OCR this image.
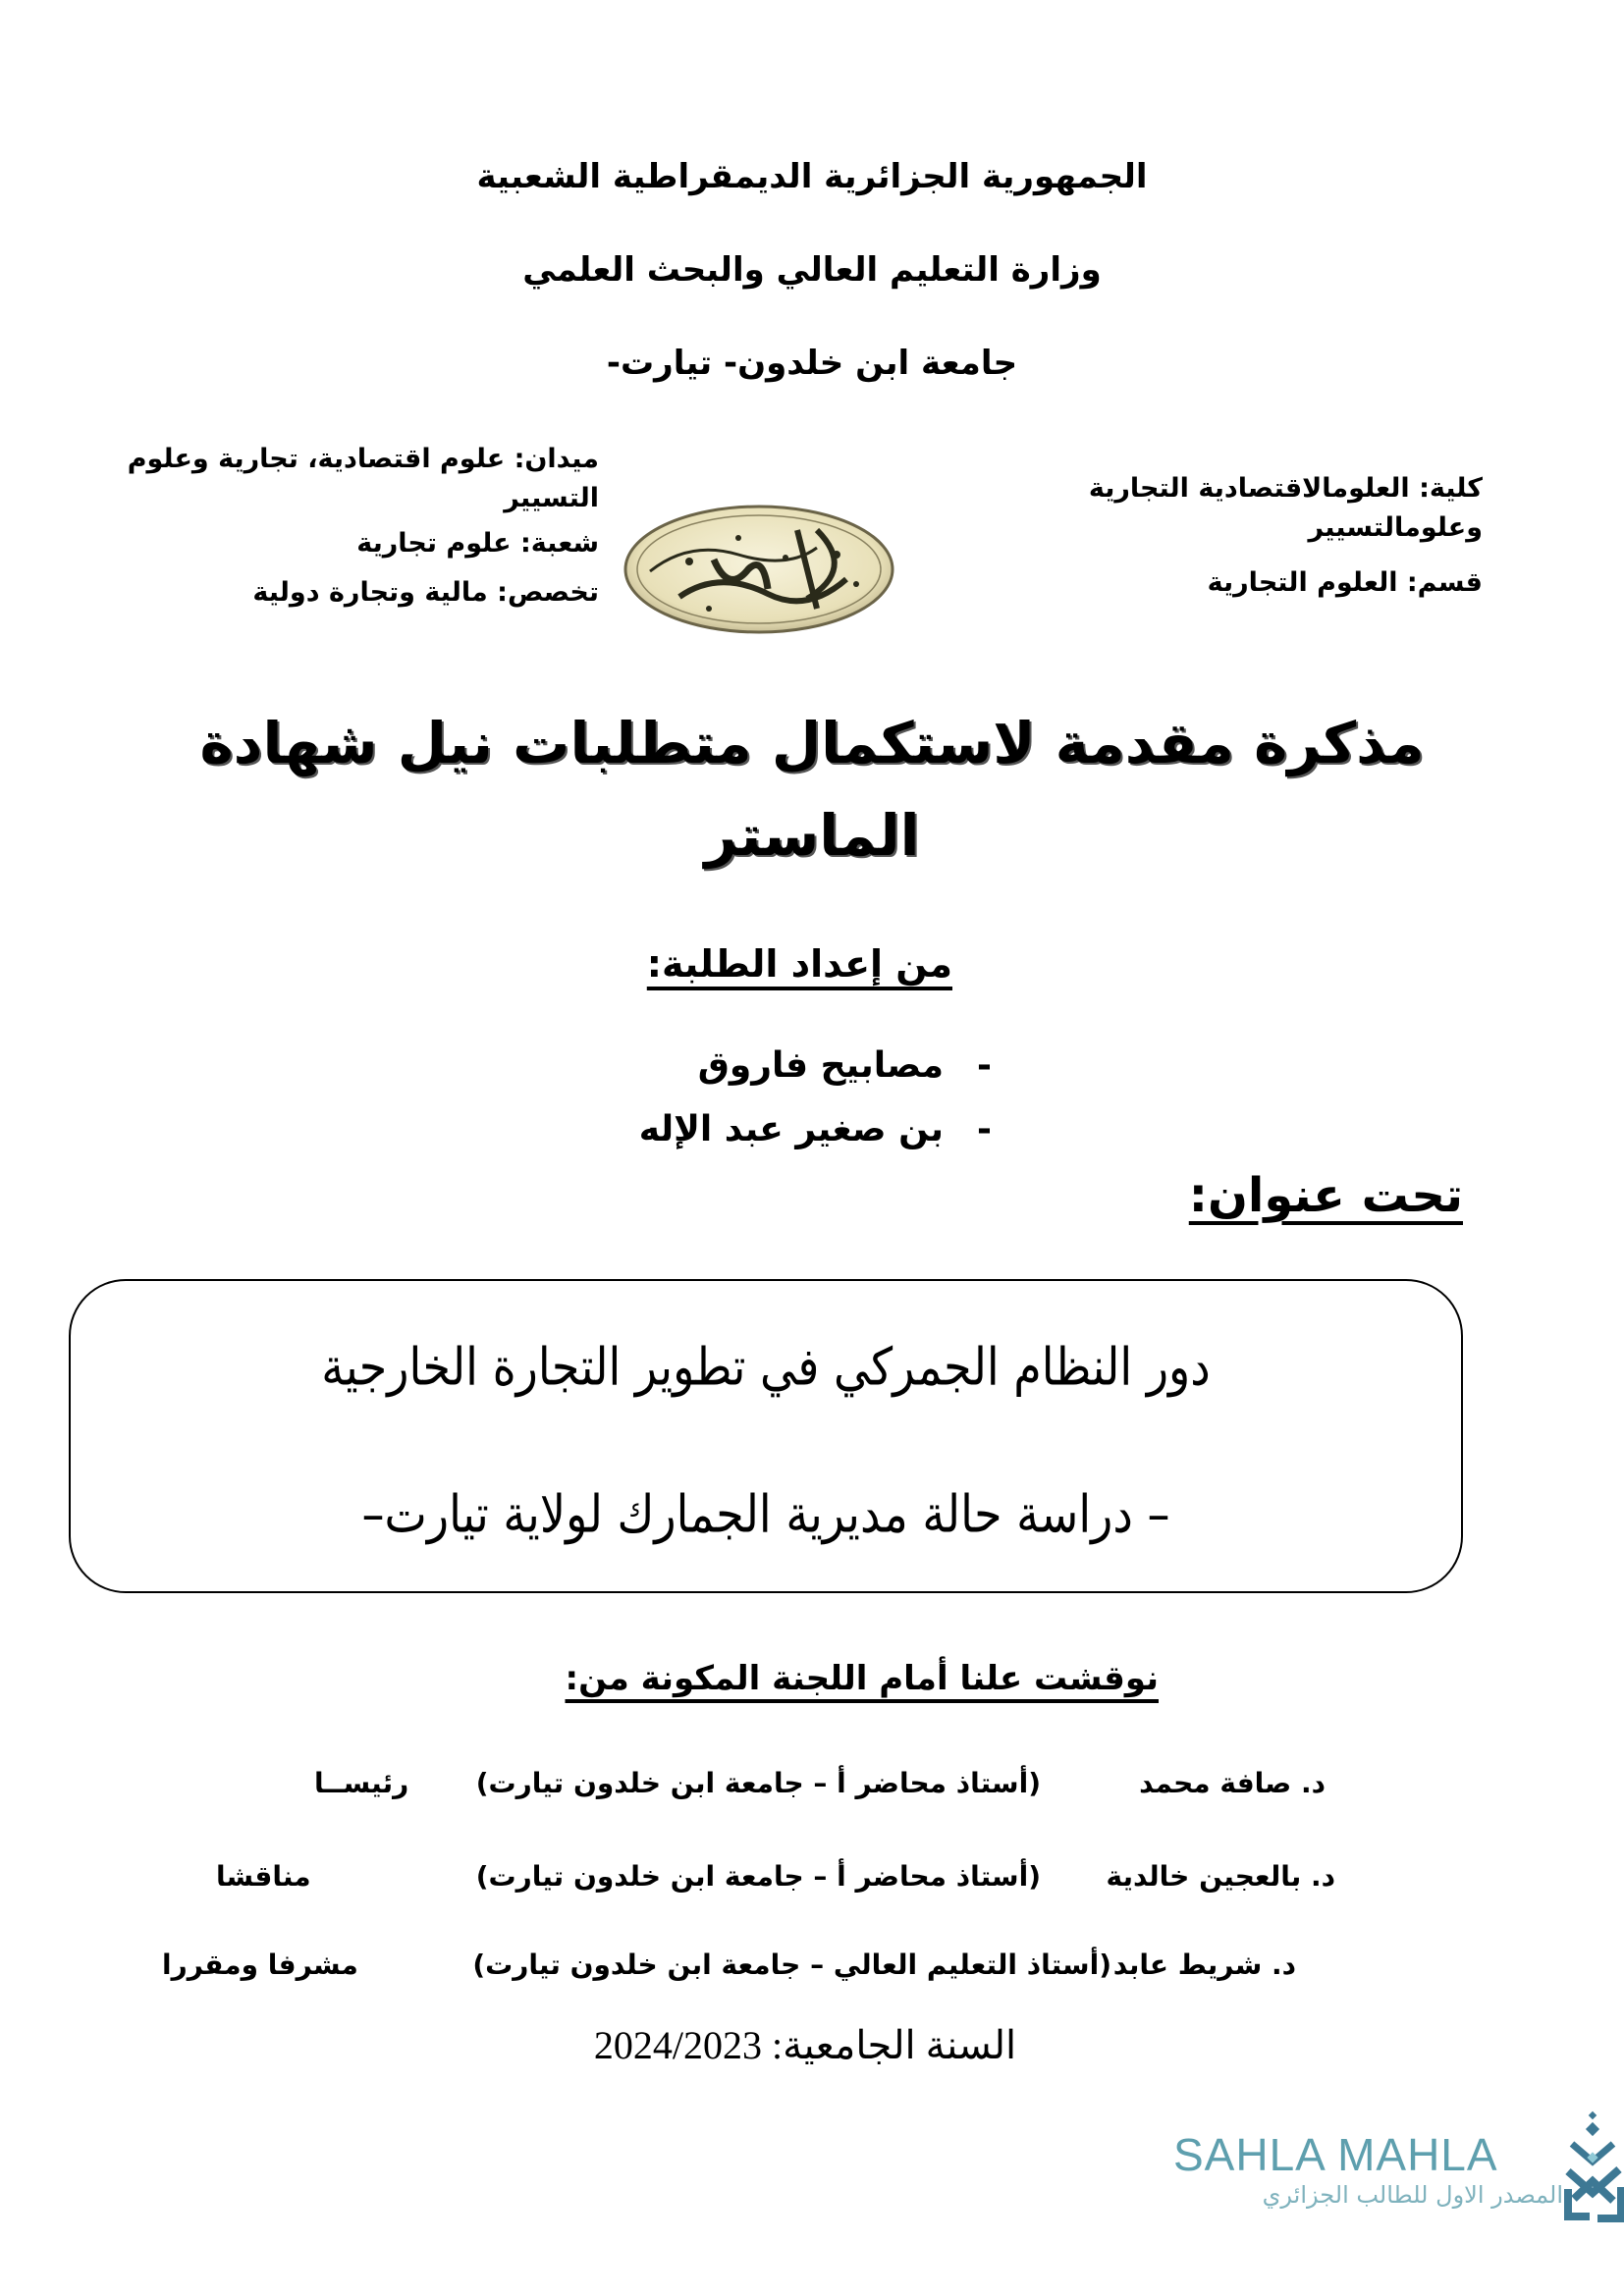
الجمهورية الجزائرية الديمقراطية الشعبية
وزارة التعليم العالي والبحث العلمي
جامعة ابن خلدون- تيارت-

ميدان: علوم اقتصادية، تجارية وعلوم

التسيير

شعبة: علوم تجارية

تخصص: مالية وتجارة دولية

كلية: العلومالاقتصادية التجارية

وعلومالتسيير

قسم: العلوم التجارية

مذكرة مقدمة لاستكمال متطلبات نيل شهادة
الماستر
من إعداد الطلبة:
-مصابيح فاروق
-بن صغير عبد الإله
تحت عنوان:
دور النظام الجمركي في تطوير التجارة الخارجية
– دراسة حالة مديرية الجمارك لولاية تيارت–
نوقشت علنا أمام اللجنة المكونة من:
د. صافة محمد
(أستاذ محاضر أ – جامعة ابن خلدون تيارت)
رئيســا
د. بالعجين خالدية
(أستاذ محاضر أ – جامعة ابن خلدون تيارت)
مناقشا
د. شريط عابد
(أستاذ التعليم العالي – جامعة ابن خلدون تيارت)
مشرفا ومقررا
السنة الجامعية: 2024/2023
SAHLA MAHLA
المصدر الاول للطالب الجزائري
